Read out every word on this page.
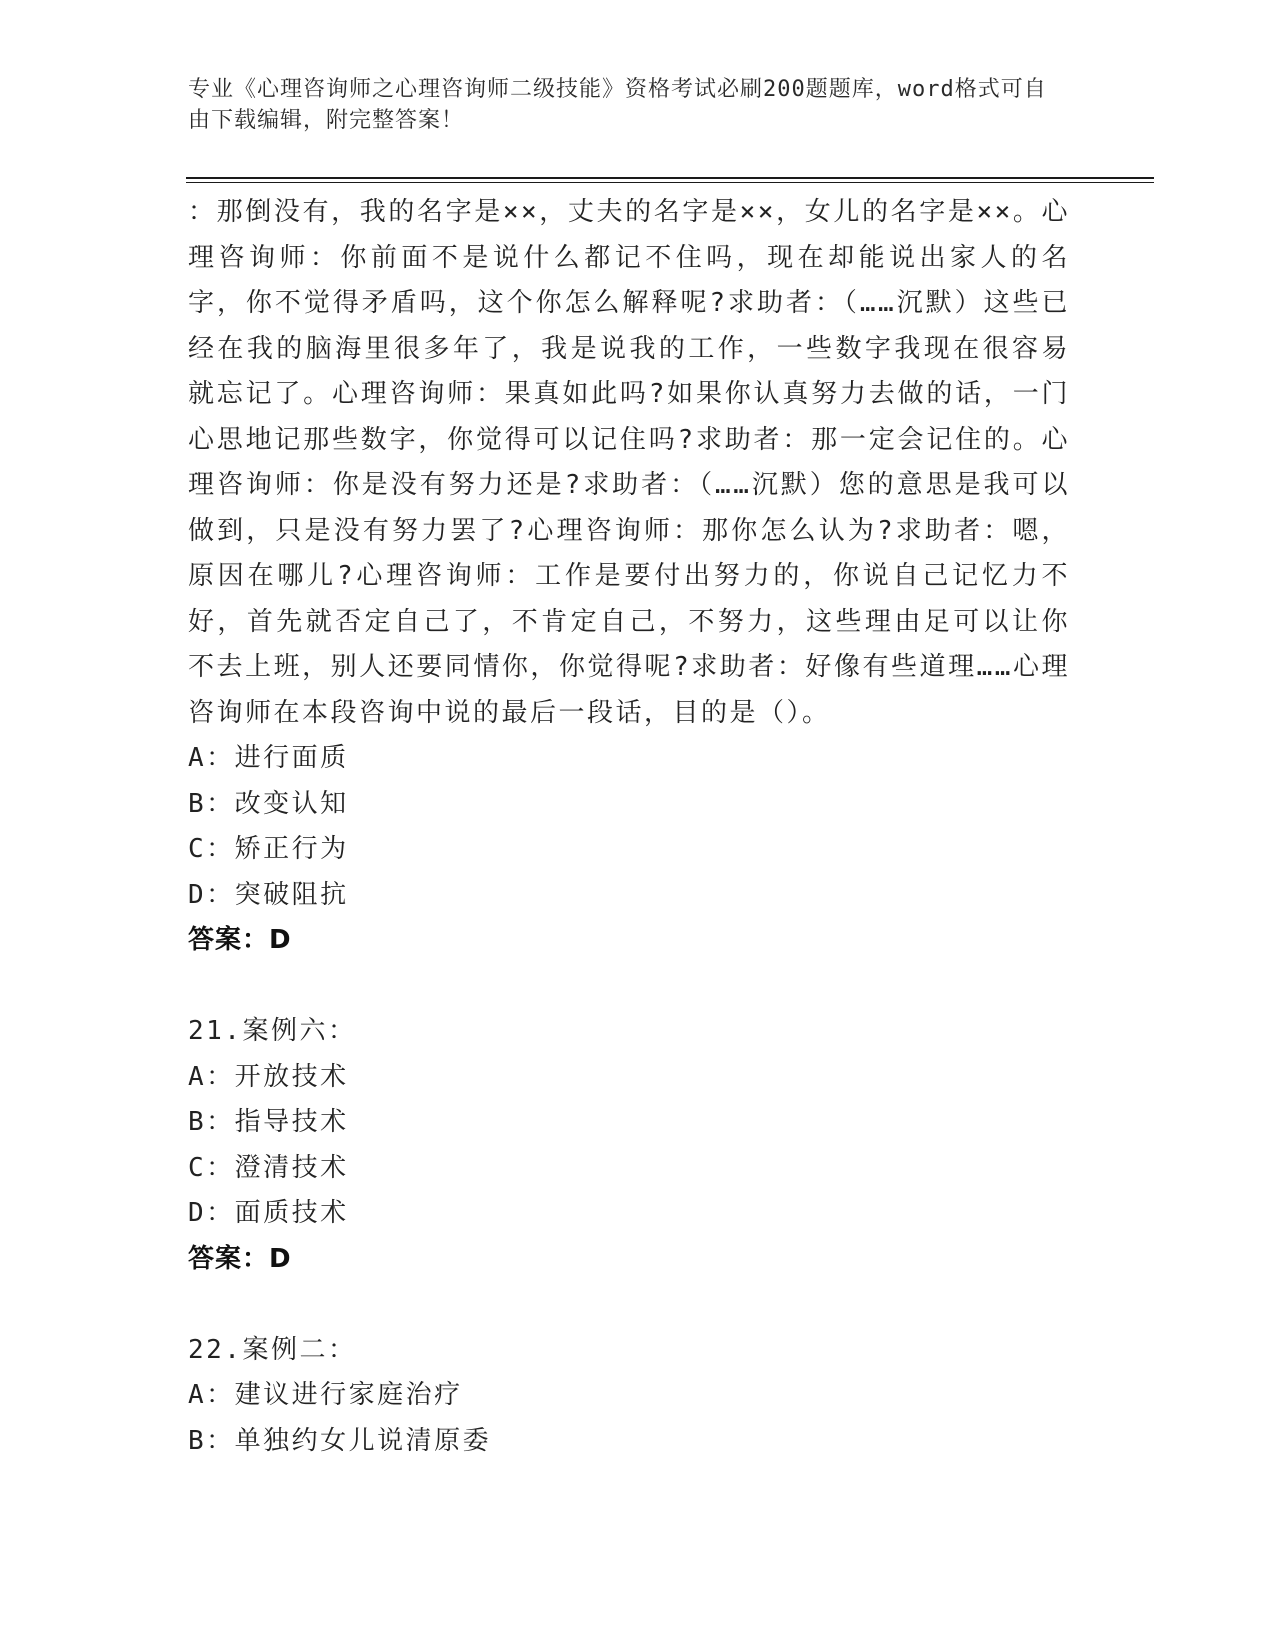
专业《心理咨询师之心理咨询师二级技能》资格考试必刷200题题库，word格式可自由下载编辑，附完整答案！

：那倒没有，我的名字是××，丈夫的名字是××，女儿的名字是××。心理咨询师：你前面不是说什么都记不住吗，现在却能说出家人的名字，你不觉得矛盾吗，这个你怎么解释呢?求助者：（……沉默）这些已经在我的脑海里很多年了，我是说我的工作，一些数字我现在很容易就忘记了。心理咨询师：果真如此吗?如果你认真努力去做的话，一门心思地记那些数字，你觉得可以记住吗?求助者：那一定会记住的。心理咨询师：你是没有努力还是?求助者：（……沉默）您的意思是我可以做到，只是没有努力罢了?心理咨询师：那你怎么认为?求助者：嗯，原因在哪儿?心理咨询师：工作是要付出努力的，你说自己记忆力不好，首先就否定自己了，不肯定自己，不努力，这些理由足可以让你不去上班，别人还要同情你，你觉得呢?求助者：好像有些道理……心理咨询师在本段咨询中说的最后一段话，目的是（）。

A：进行面质

B：改变认知

C：矫正行为

D：突破阻抗

答案：D

21.案例六：

A：开放技术

B：指导技术

C：澄清技术

D：面质技术

答案：D

22.案例二：

A：建议进行家庭治疗

B：单独约女儿说清原委
